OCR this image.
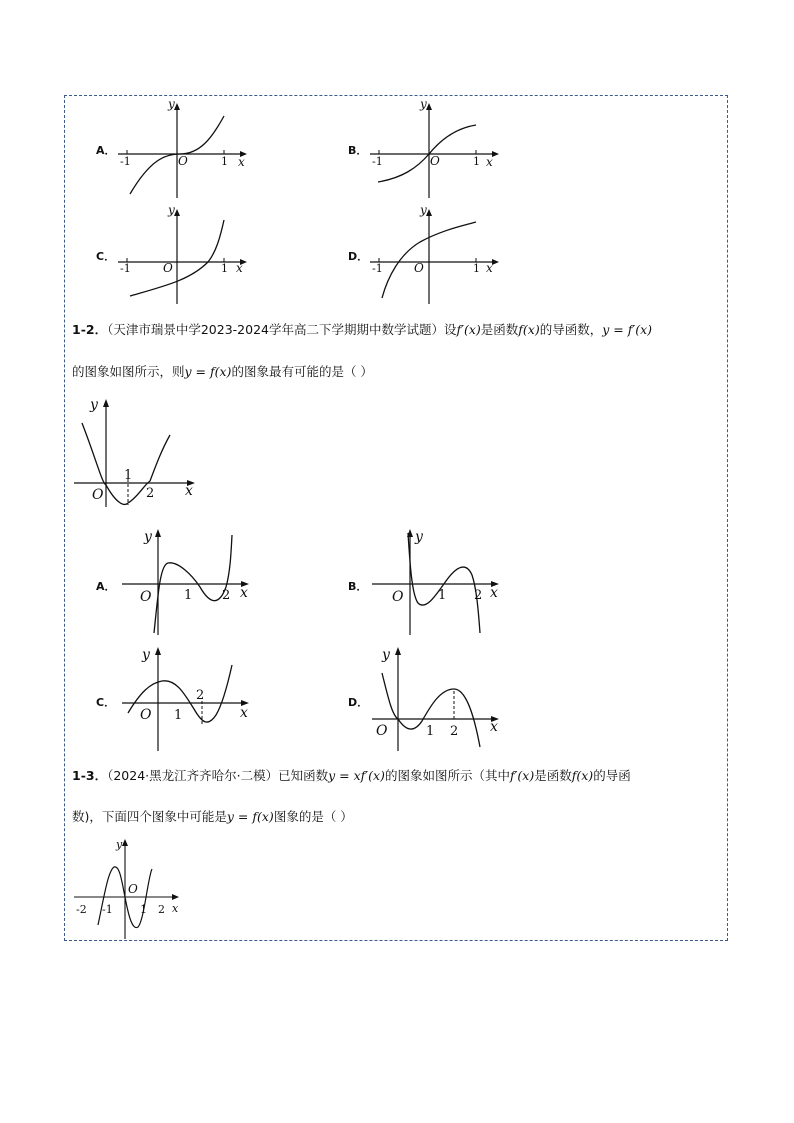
A．	B．
C．	D．
y
x
O
-1	1
y
x
O
-1	1
y
x
O
-1	1
y
x
O
-1	1
1-2．（天津市瑞景中学2023-2024学年高二下学期期中数学试题）设f′(x)是函数f(x)的导函数，y = f′(x)
的图象如图所示，则y = f(x)的图象最有可能的是（ ）
y
x
O
1
2
A．	B．
C．	D．
y
x
O	1 2
y
x
O	1 2
y
x
O 1
2
y
x
O	1 2
1-3．（2024·黑龙江齐齐哈尔·二模）已知函数y = xf′(x)的图象如图所示（其中f′(x)是函数f(x)的导函
数)，下面四个图象中可能是y = f(x)图象的是（ ）
y
x
O
-2 -1 1 2
